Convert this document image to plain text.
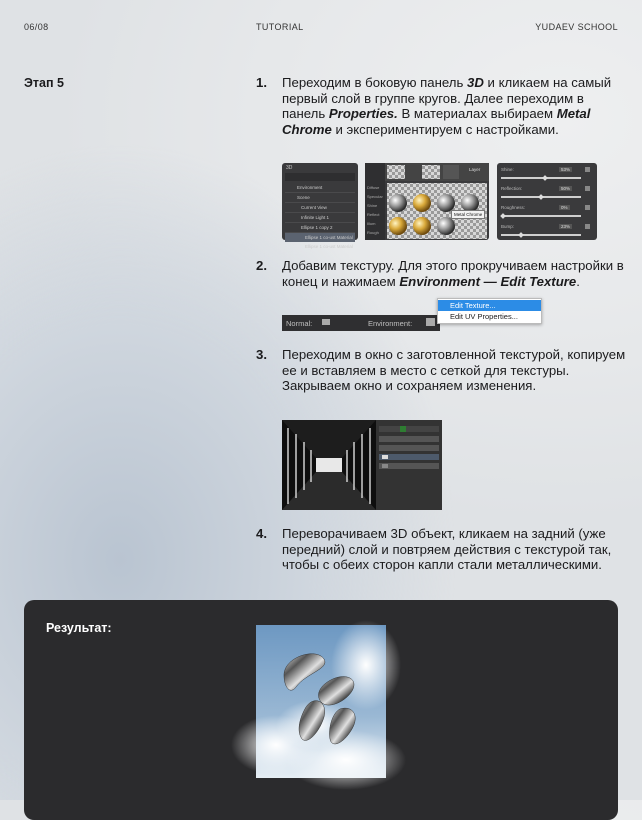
06/08	TUTORIAL	YUDAEV SCHOOL
Этап 5	1. Переходим в боковую панель 3D и кликаем на самый первый слой в группе кругов. Далее переходим в панель Properties. В материалах выбираем Metal Chrome и экспериментируем с настройками.
3D
Environment
Scene
Current View
Infinite Light 1
Ellipse 1 copy 2
Ellipse 1 co-ust Material
Ellipse 1 co-ust Material
Diffuse
Specular
Shine
Reflect
Illum
Rough
Layer
Metal Chrome
Shine:	53%
Reflection:	50%
Roughness:	0%
Bump:	23%
2. Добавим текстуру. Для этого прокручиваем настройки в конец и нажимаем Environment — Edit Texture.
Normal:	Environment:
Edit Texture...
Edit UV Properties...
3. Переходим в окно с заготовленной текстурой, копируем ее и вставляем в место с сеткой для текстуры. Закрываем окно и сохраняем изменения.
4. Переворачиваем 3D объект, кликаем на задний (уже передний) слой и повтряем действия с текстурой так, чтобы с обеих сторон капли стали металлическими.
Результат:
